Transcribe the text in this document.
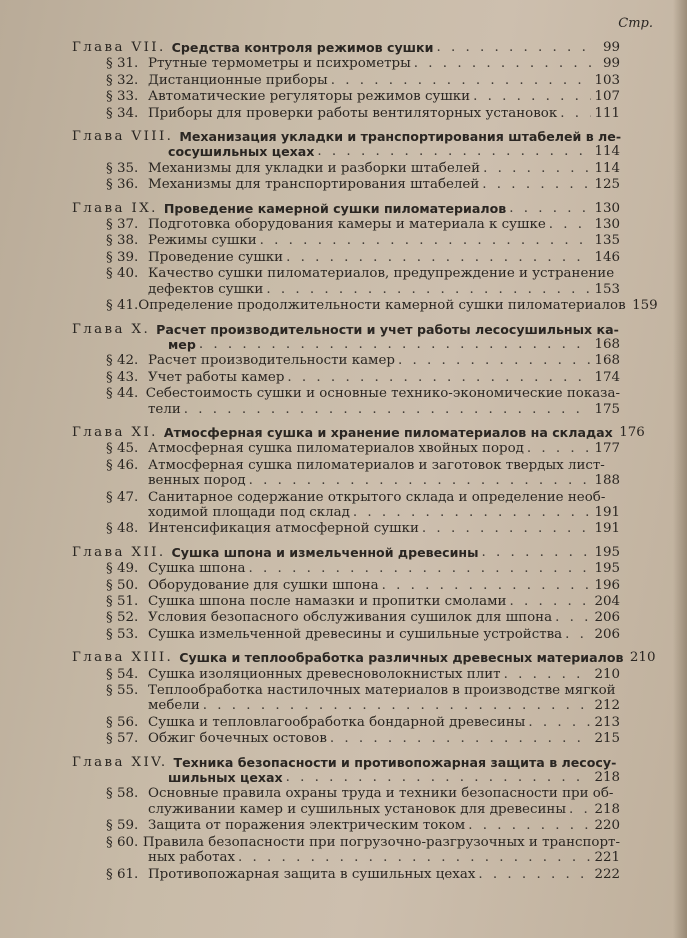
Стр.
Глава VII. Средства контроля режимов сушки . . .	99
§ 31. Ртутные термометры и психрометры . . .	99
§ 32. Дистанционные приборы . . .	103
§ 33. Автоматические регуляторы режимов сушки . . .	107
§ 34. Приборы для проверки работы вентиляторных установок . . .	111
Глава VIII. Механизация укладки и транспортирования штабелей в ле-
сосушильных цехах . . .	114
§ 35. Механизмы для укладки и разборки штабелей . . .	114
§ 36. Механизмы для транспортирования штабелей . . .	125
Глава IX. Проведение камерной сушки пиломатериалов . . .	130
§ 37. Подготовка оборудования камеры и материала к сушке . . .	130
§ 38. Режимы сушки . . .	135
§ 39. Проведение сушки . . .	146
§ 40. Качество сушки пиломатериалов, предупреждение и устранение
дефектов сушки . . .	153
§ 41. Определение продолжительности камерной сушки пиломатериалов 159
Глава X. Расчет производительности и учет работы лесосушильных ка-
мер . . .	168
§ 42. Расчет производительности камер . . .	168
§ 43. Учет работы камер . . .	174
§ 44. Себестоимость сушки и основные технико-экономические показа-
тели . . .	175
Глава XI. Атмосферная сушка и хранение пиломатериалов на складах 176
§ 45. Атмосферная сушка пиломатериалов хвойных пород . . .	177
§ 46. Атмосферная сушка пиломатериалов и заготовок твердых лист-
венных пород . . .	188
§ 47. Санитарное содержание открытого склада и определение необ-
ходимой площади под склад . . .	191
§ 48. Интенсификация атмосферной сушки . . .	191
Глава XII. Сушка шпона и измельченной древесины . . .	195
§ 49. Сушка шпона . . .	195
§ 50. Оборудование для сушки шпона . . .	196
§ 51. Сушка шпона после намазки и пропитки смолами . . .	204
§ 52. Условия безопасного обслуживания сушилок для шпона . . .	206
§ 53. Сушка измельченной древесины и сушильные устройства . . . 206
Глава XIII. Сушка и теплообработка различных древесных материалов 210
§ 54. Сушка изоляционных древесноволокнистых плит . . .	210
§ 55. Теплообработка настилочных материалов в производстве мягкой
мебели . . .	212
§ 56. Сушка и тепловлагообработка бондарной древесины . . .	213
§ 57. Обжиг бочечных остовов . . .	215
Глава XIV. Техника безопасности и противопожарная защита в лесосу-
шильных цехах . . .	218
§ 58. Основные правила охраны труда и техники безопасности при об-
служивании камер и сушильных установок для древесины . . . 218
§ 59. Защита от поражения электрическим током . . .	220
§ 60. Правила безопасности при погрузочно-разгрузочных и транспорт-
ных работах . . .	221
§ 61. Противопожарная защита в сушильных цехах . . .	222
